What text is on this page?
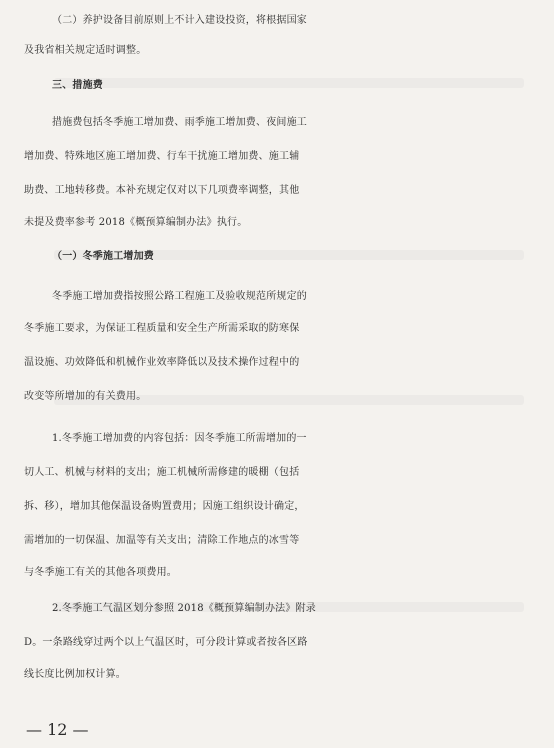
（二）养护设备目前原则上不计入建设投资，将根据国家
及我省相关规定适时调整。
三、措施费
措施费包括冬季施工增加费、雨季施工增加费、夜间施工
增加费、特殊地区施工增加费、行车干扰施工增加费、施工辅
助费、工地转移费。本补充规定仅对以下几项费率调整，其他
未提及费率参考 2018《概预算编制办法》执行。
（一）冬季施工增加费
冬季施工增加费指按照公路工程施工及验收规范所规定的
冬季施工要求，为保证工程质量和安全生产所需采取的防寒保
温设施、功效降低和机械作业效率降低以及技术操作过程中的
改变等所增加的有关费用。
1.冬季施工增加费的内容包括：因冬季施工所需增加的一
切人工、机械与材料的支出；施工机械所需修建的暖棚（包括
拆、移），增加其他保温设备购置费用；因施工组织设计确定，
需增加的一切保温、加温等有关支出；清除工作地点的冰雪等
与冬季施工有关的其他各项费用。
2.冬季施工气温区划分参照 2018《概预算编制办法》附录
D。一条路线穿过两个以上气温区时，可分段计算或者按各区路
线长度比例加权计算。
— 12 —
